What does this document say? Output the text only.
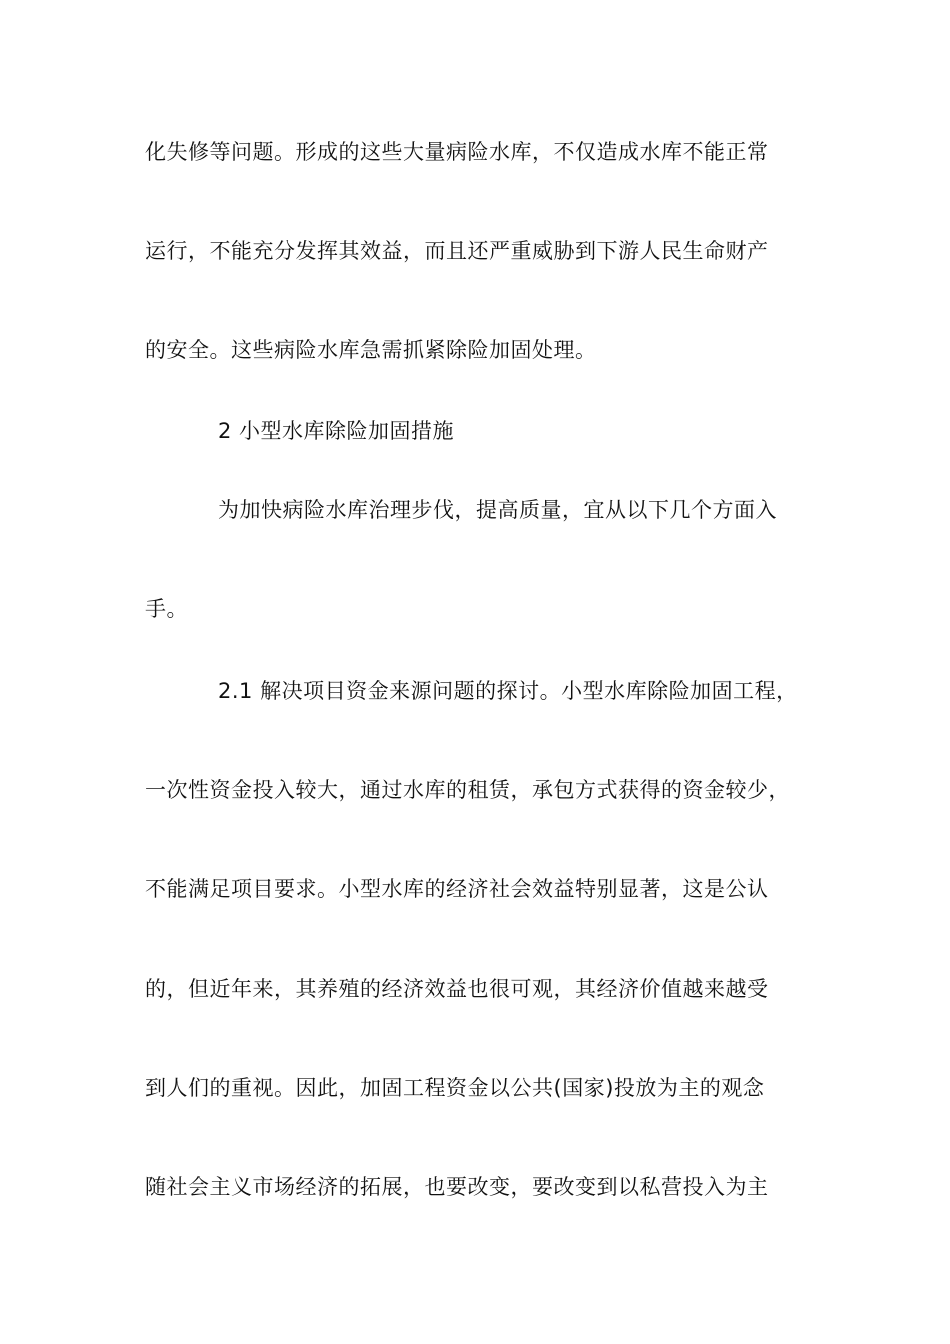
化失修等问题。形成的这些大量病险水库，不仅造成水库不能正常
运行，不能充分发挥其效益，而且还严重威胁到下游人民生命财产
的安全。这些病险水库急需抓紧除险加固处理。
2 小型水库除险加固措施
为加快病险水库治理步伐，提高质量，宜从以下几个方面入
手。
2.1 解决项目资金来源问题的探讨。小型水库除险加固工程，
一次性资金投入较大，通过水库的租赁，承包方式获得的资金较少，
不能满足项目要求。小型水库的经济社会效益特别显著，这是公认
的，但近年来，其养殖的经济效益也很可观，其经济价值越来越受
到人们的重视。因此，加固工程资金以公共(国家)投放为主的观念
随社会主义市场经济的拓展，也要改变，要改变到以私营投入为主
